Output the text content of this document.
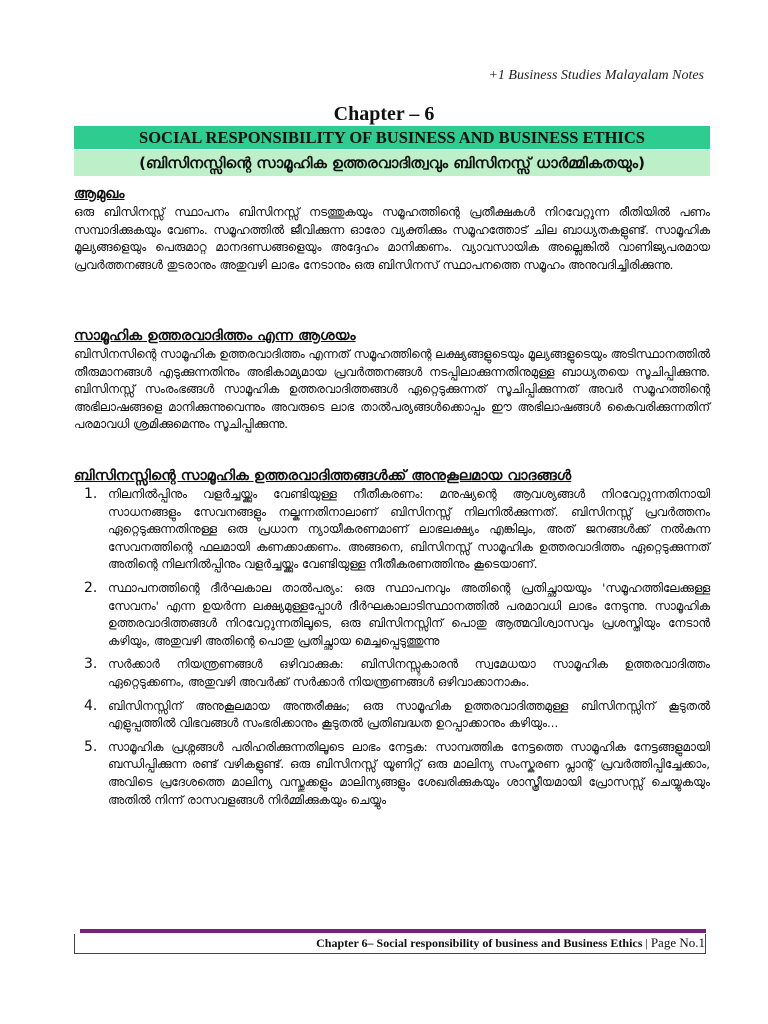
+1 Business Studies Malayalam Notes
Chapter – 6
SOCIAL RESPONSIBILITY OF BUSINESS AND BUSINESS ETHICS
(ബിസിനസ്സിന്റെ സാമൂഹിക ഉത്തരവാദിത്വവും ബിസിനസ്സ് ധാർമ്മികതയും)
ആമുഖം

ഒരു ബിസിനസ്സ് സ്ഥാപനം ബിസിനസ്സ് നടത്തുകയും സമൂഹത്തിന്റെ പ്രതീക്ഷകൾ നിറവേറ്റുന്ന രീതിയിൽ പണം സമ്പാദിക്കുകയും വേണം. സമൂഹത്തിൽ ജീവിക്കുന്ന ഓരോ വ്യക്തിക്കും സമൂഹത്തോട് ചില ബാധ്യതകളുണ്ട്. സാമൂഹിക മൂല്യങ്ങളെയും പെരുമാറ്റ മാനദണ്ഡങ്ങളെയും അദ്ദേഹം മാനിക്കണം. വ്യാവസായിക അല്ലെങ്കിൽ വാണിജ്യപരമായ പ്രവർത്തനങ്ങൾ തുടരാനും അതുവഴി ലാഭം നേടാനും ഒരു ബിസിനസ് സ്ഥാപനത്തെ സമൂഹം അനുവദിച്ചിരിക്കുന്നു.

സാമൂഹിക ഉത്തരവാദിത്തം എന്ന ആശയം

ബിസിനസിന്റെ സാമൂഹിക ഉത്തരവാദിത്തം എന്നത് സമൂഹത്തിന്റെ ലക്ഷ്യങ്ങളുടെയും മൂല്യങ്ങളുടെയും അടിസ്ഥാനത്തിൽ തീരുമാനങ്ങൾ എടുക്കുന്നതിനും അഭികാമ്യമായ പ്രവർത്തനങ്ങൾ നടപ്പിലാക്കുന്നതിനുമുള്ള ബാധ്യതയെ സൂചിപ്പിക്കുന്നു. ബിസിനസ്സ് സംരംഭങ്ങൾ സാമൂഹിക ഉത്തരവാദിത്തങ്ങൾ ഏറ്റെടുക്കുന്നത് സൂചിപ്പിക്കുന്നത് അവർ സമൂഹത്തിന്റെ അഭിലാഷങ്ങളെ മാനിക്കുന്നുവെന്നും അവരുടെ ലാഭ താൽപര്യങ്ങൾക്കൊപ്പം ഈ അഭിലാഷങ്ങൾ കൈവരിക്കുന്നതിന് പരമാവധി ശ്രമിക്കുമെന്നും സൂചിപ്പിക്കുന്നു.

ബിസിനസ്സിന്റെ സാമൂഹിക ഉത്തരവാദിത്തങ്ങൾക്ക് അനുകൂലമായ വാദങ്ങൾ
1. നിലനിൽപ്പിനും വളർച്ചയ്ക്കും വേണ്ടിയുള്ള നീതീകരണം: മനുഷ്യന്റെ ആവശ്യങ്ങൾ നിറവേറ്റുന്നതിനായി സാധനങ്ങളും സേവനങ്ങളും നല്കുന്നതിനാലാണ് ബിസിനസ്സ് നിലനിൽക്കുന്നത്. ബിസിനസ്സ് പ്രവർത്തനം ഏറ്റെടുക്കുന്നതിനുള്ള ഒരു പ്രധാന ന്യായീകരണമാണ് ലാഭലക്ഷ്യം എങ്കിലും, അത് ജനങ്ങൾക്ക് നൽകുന്ന സേവനത്തിന്റെ ഫലമായി കണക്കാക്കണം. അങ്ങനെ, ബിസിനസ്സ് സാമൂഹിക ഉത്തരവാദിത്തം ഏറ്റെടുക്കുന്നത് അതിന്റെ നിലനിൽപ്പിനും വളർച്ചയ്ക്കും വേണ്ടിയുള്ള നീതീകരണത്തിനും കൂടെയാണ്.
2. സ്ഥാപനത്തിന്റെ ദീർഘകാല താൽപര്യം: ഒരു സ്ഥാപനവും അതിന്റെ പ്രതിച്ഛായയും 'സമൂഹത്തിലേക്കുള്ള സേവനം' എന്ന ഉയർന്ന ലക്ഷ്യമുള്ളപ്പോൾ ദീർഘകാലാടിസ്ഥാനത്തിൽ പരമാവധി ലാഭം നേടുന്നു. സാമൂഹിക ഉത്തരവാദിത്തങ്ങൾ നിറവേറ്റുന്നതിലൂടെ, ഒരു ബിസിനസ്സിന് പൊതു ആത്മവിശ്വാസവും പ്രശസ്തിയും നേടാൻ കഴിയും, അതുവഴി അതിന്റെ പൊതു പ്രതിച്ഛായ മെച്ചപ്പെടുത്തുന്നു
3. സർക്കാർ നിയന്ത്രണങ്ങൾ ഒഴിവാക്കുക: ബിസിനസ്സുകാരൻ സ്വമേധയാ സാമൂഹിക ഉത്തരവാദിത്തം ഏറ്റെടുക്കണം, അതുവഴി അവർക്ക് സർക്കാർ നിയന്ത്രണങ്ങൾ ഒഴിവാക്കാനാകും.
4. ബിസിനസ്സിന് അനുകൂലമായ അന്തരീക്ഷം; ഒരു സാമൂഹിക ഉത്തരവാദിത്തമുള്ള ബിസിനസ്സിന് കൂടുതൽ എളുപ്പത്തിൽ വിഭവങ്ങൾ സംഭരിക്കാനും കൂടുതൽ പ്രതിബദ്ധത ഉറപ്പാക്കാനും കഴിയും...
5. സാമൂഹിക പ്രശ്നങ്ങൾ പരിഹരിക്കുന്നതിലൂടെ ലാഭം നേട്ടക: സാമ്പത്തിക നേട്ടത്തെ സാമൂഹിക നേട്ടങ്ങളുമായി ബന്ധിപ്പിക്കുന്ന രണ്ട് വഴികളുണ്ട്. ഒരു ബിസിനസ്സ് യൂണിറ്റ് ഒരു മാലിന്യ സംസ്കരണ പ്ലാന്റ് പ്രവർത്തിപ്പിച്ചേക്കാം, അവിടെ പ്രദേശത്തെ മാലിന്യ വസ്തുക്കളും മാലിന്യങ്ങളും ശേഖരിക്കുകയും ശാസ്ത്രീയമായി പ്രോസസ്സ് ചെയ്യുകയും അതിൽ നിന്ന് രാസവളങ്ങൾ നിർമ്മിക്കുകയും ചെയ്യും
Chapter 6– Social responsibility of business and Business Ethics | Page No.1
